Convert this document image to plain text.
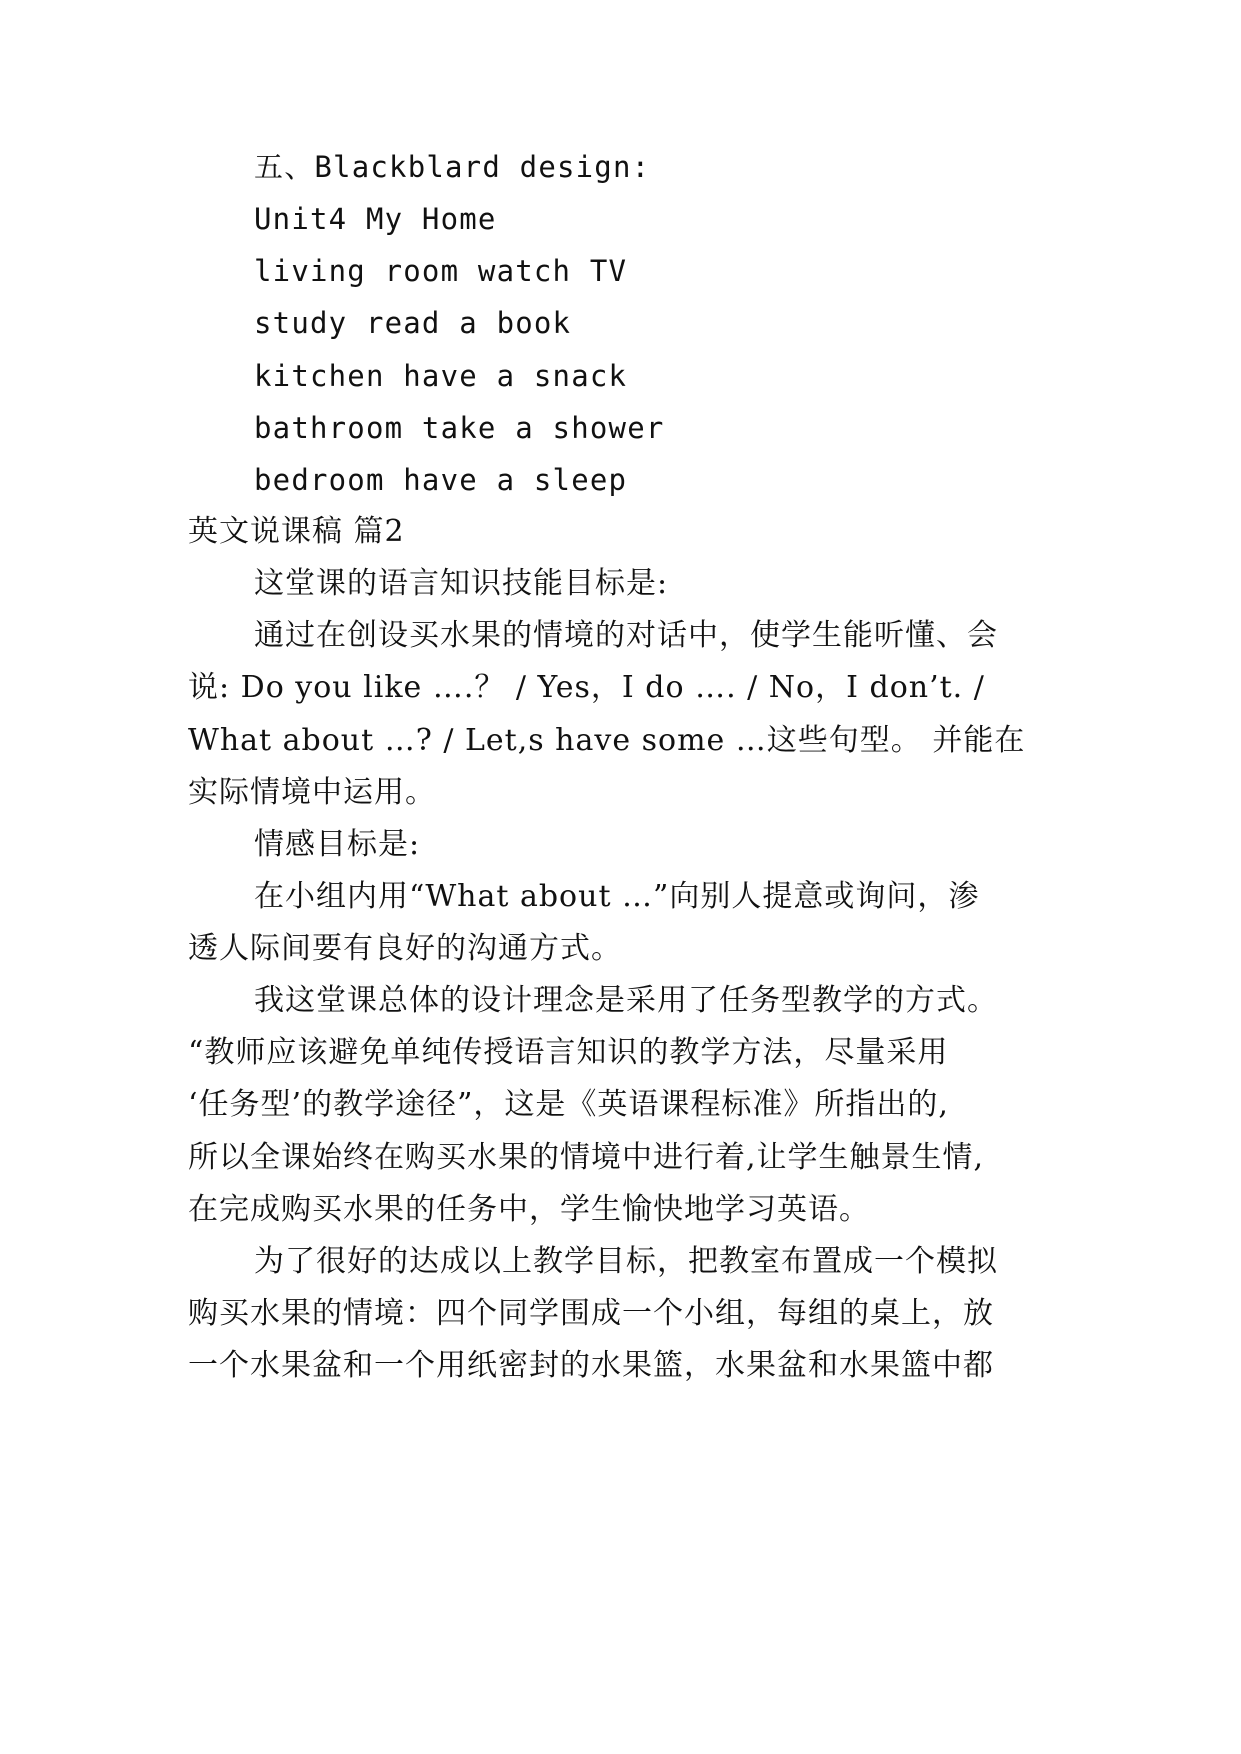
五、Blackblard design:
Unit4 My Home
living room watch TV
study read a book
kitchen have a snack
bathroom take a shower
bedroom have a sleep
英文说课稿 篇2
这堂课的语言知识技能目标是:
通过在创设买水果的情境的对话中，使学生能听懂、会
说: Do you like ….？ / Yes，I do …. / No，I don’t. /
What about …? / Let,s have some …这些句型。 并能在
实际情境中运用。
情感目标是:
在小组内用“What about …”向别人提意或询问，渗
透人际间要有良好的沟通方式。
我这堂课总体的设计理念是采用了任务型教学的方式。
“教师应该避免单纯传授语言知识的教学方法，尽量采用
‘任务型’的教学途径”，这是《英语课程标准》所指出的,
所以全课始终在购买水果的情境中进行着,让学生触景生情,
在完成购买水果的任务中，学生愉快地学习英语。
为了很好的达成以上教学目标，把教室布置成一个模拟
购买水果的情境：四个同学围成一个小组，每组的桌上，放
一个水果盆和一个用纸密封的水果篮，水果盆和水果篮中都
